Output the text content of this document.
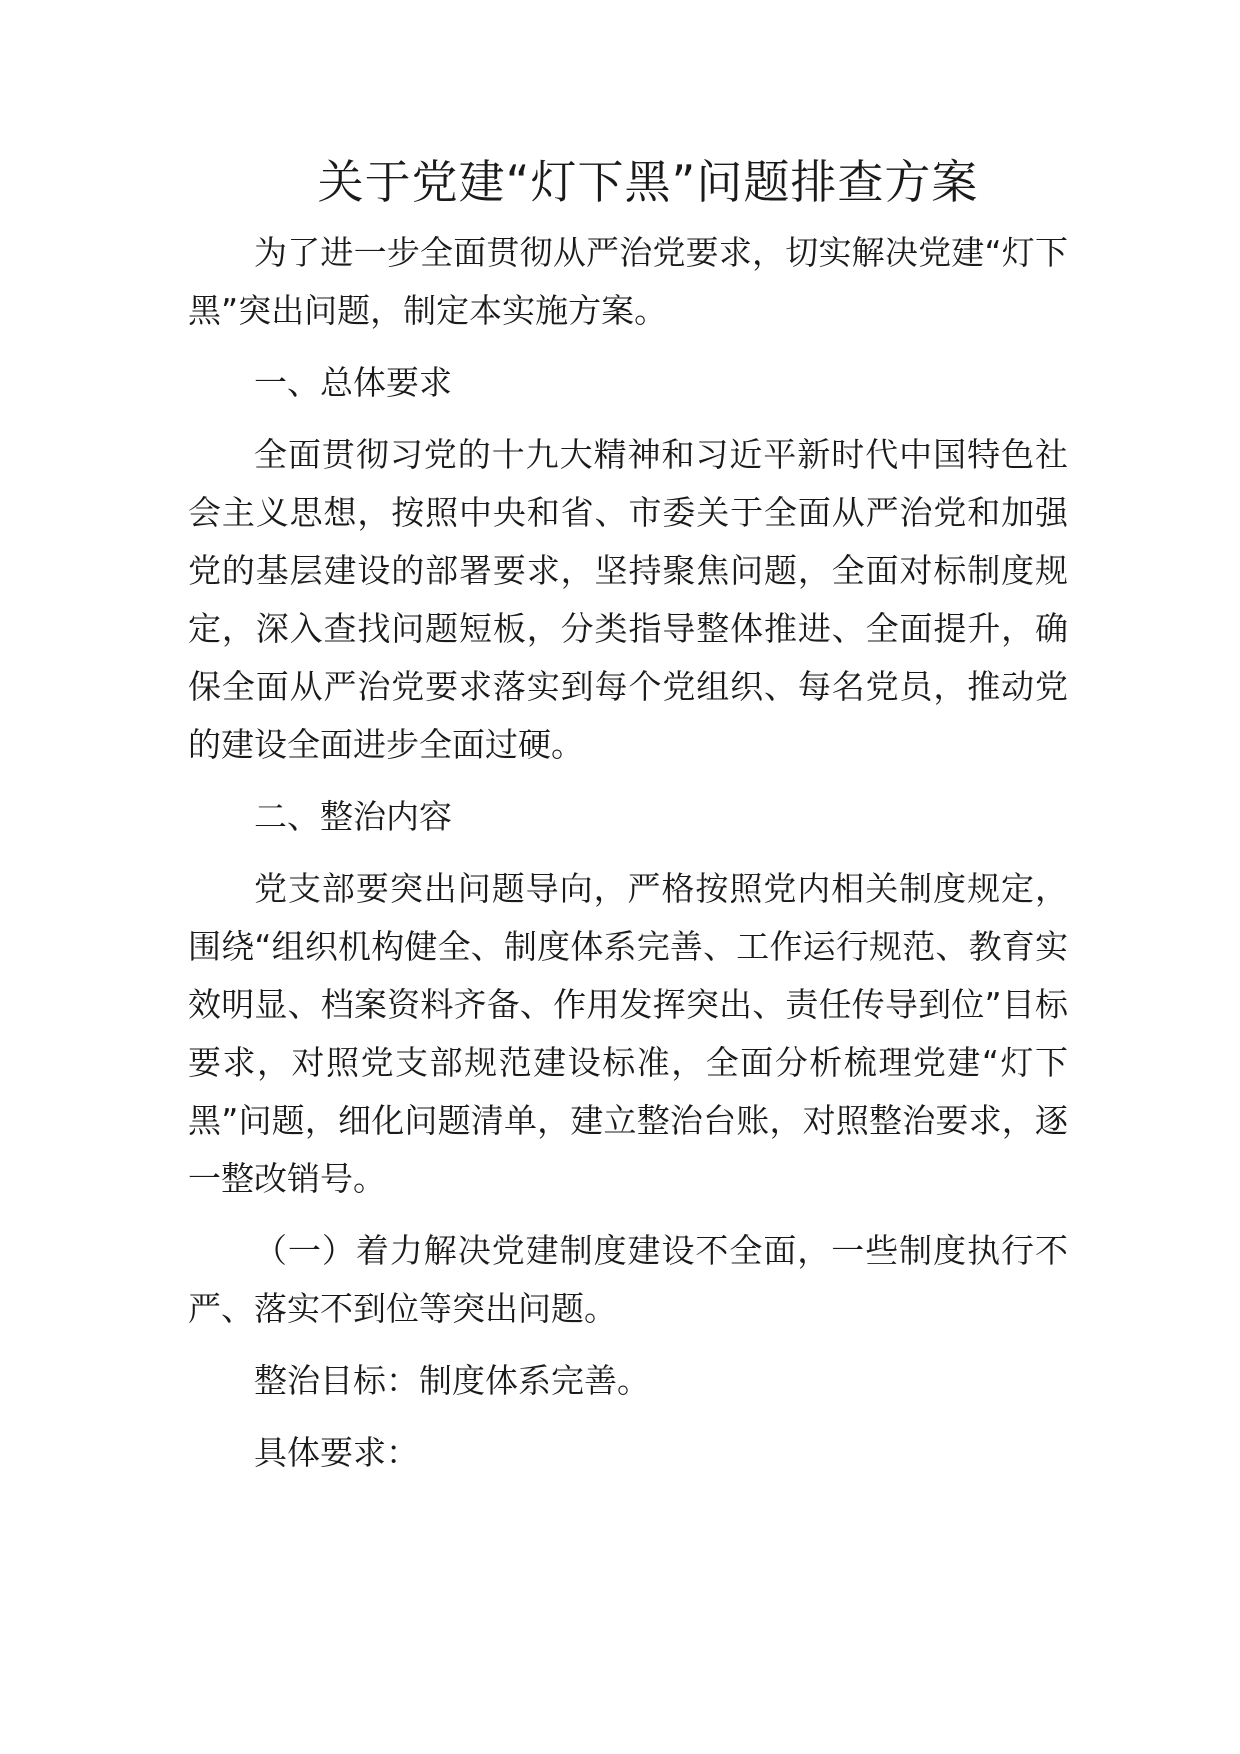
关于党建“灯下黑”问题排查方案

为了进一步全面贯彻从严治党要求，切实解决党建“灯下黑”突出问题，制定本实施方案。

一、总体要求

全面贯彻习党的十九大精神和习近平新时代中国特色社会主义思想，按照中央和省、市委关于全面从严治党和加强党的基层建设的部署要求，坚持聚焦问题，全面对标制度规定，深入查找问题短板，分类指导整体推进、全面提升，确保全面从严治党要求落实到每个党组织、每名党员，推动党的建设全面进步全面过硬。

二、整治内容

党支部要突出问题导向，严格按照党内相关制度规定，围绕“组织机构健全、制度体系完善、工作运行规范、教育实效明显、档案资料齐备、作用发挥突出、责任传导到位”目标要求，对照党支部规范建设标准，全面分析梳理党建“灯下黑”问题，细化问题清单，建立整治台账，对照整治要求，逐一整改销号。

（一）着力解决党建制度建设不全面，一些制度执行不严、落实不到位等突出问题。

整治目标：制度体系完善。

具体要求：
